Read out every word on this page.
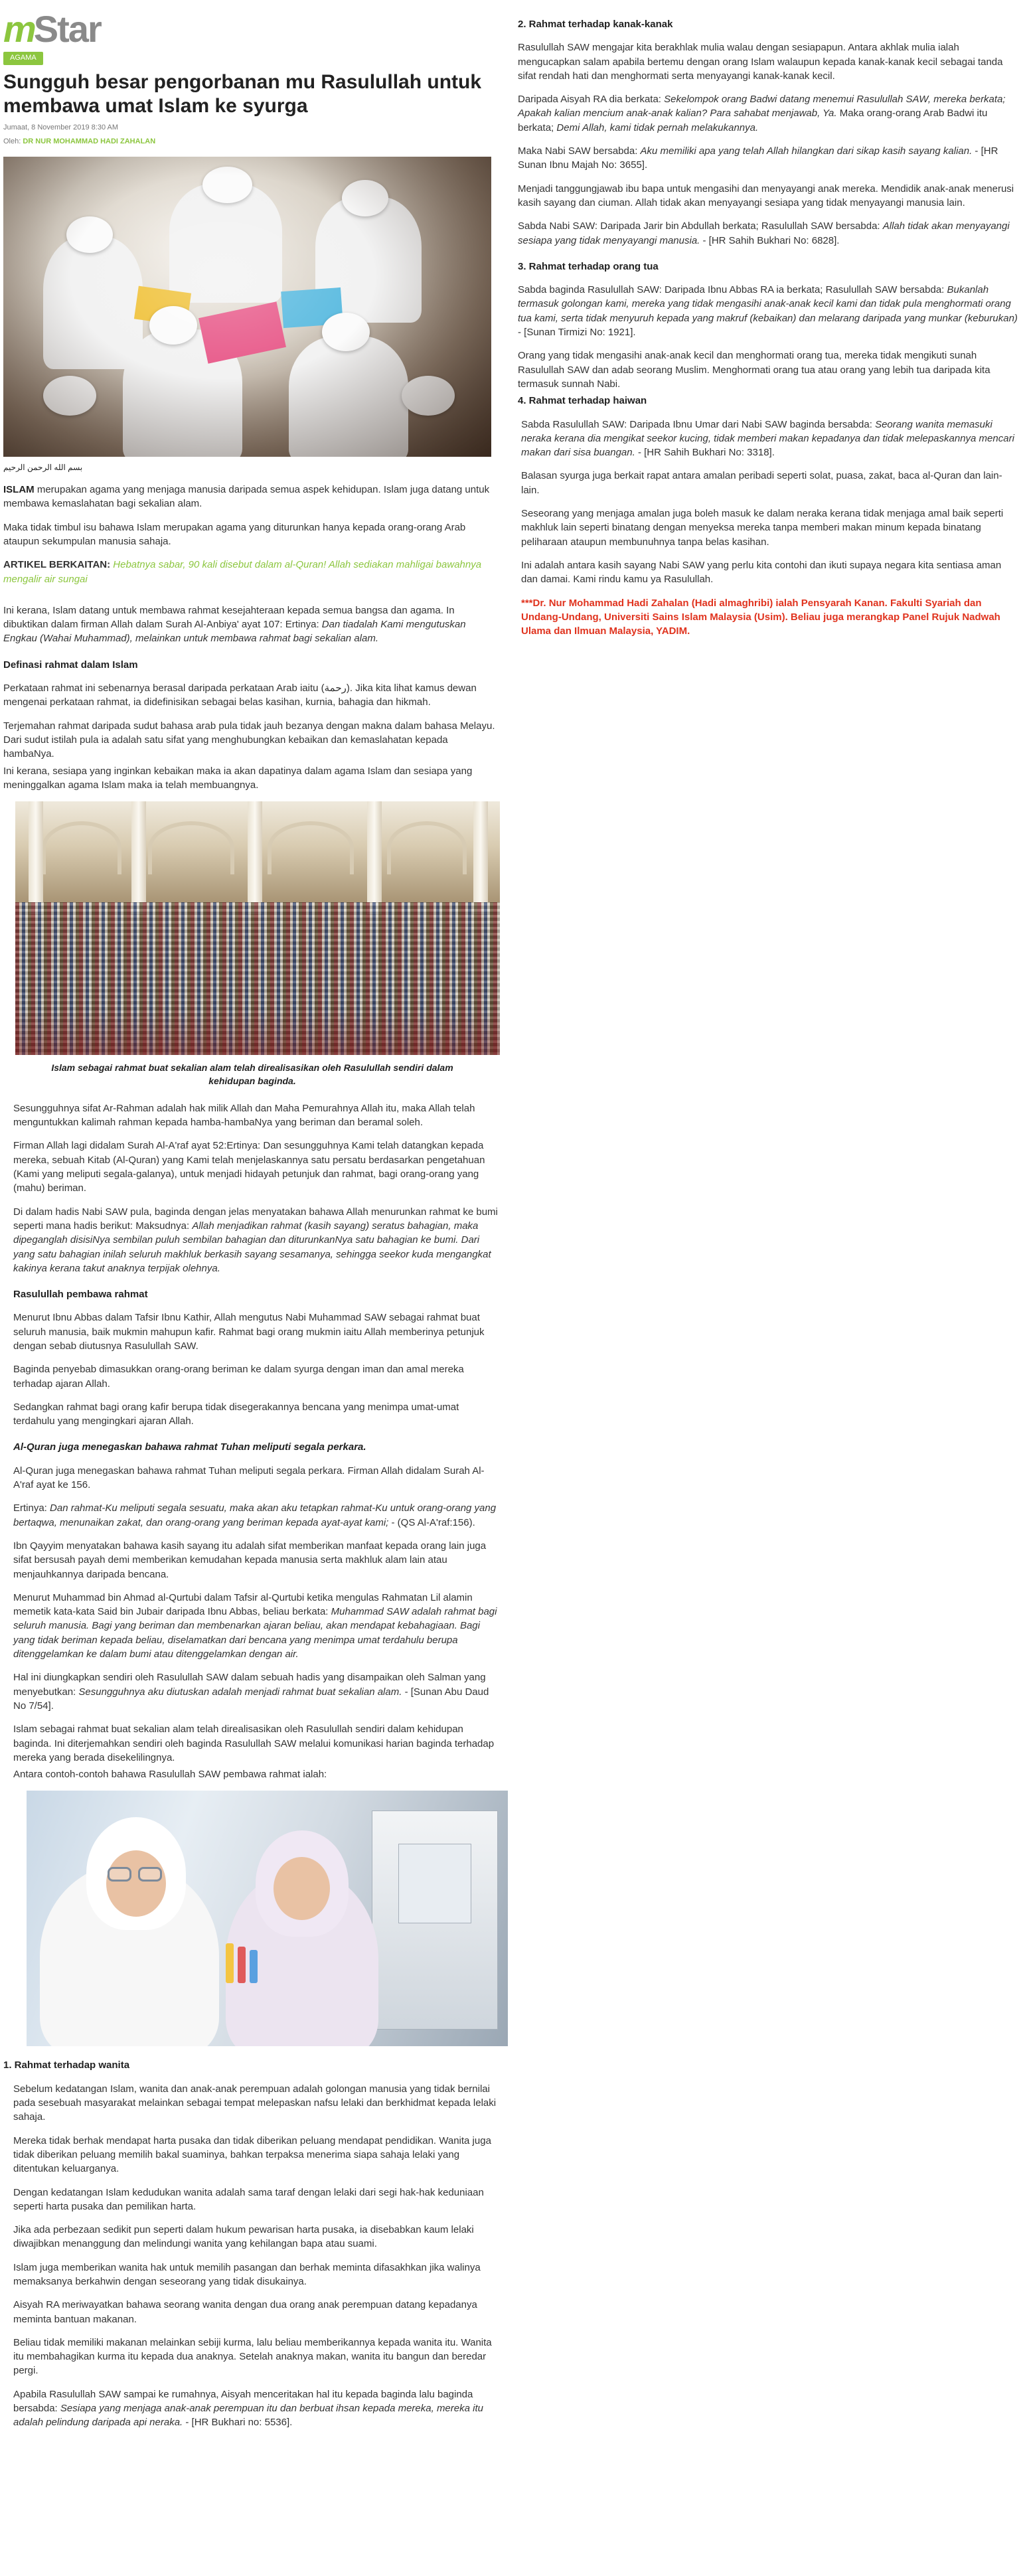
m Star
AGAMA
Sungguh besar pengorbanan mu Rasulullah untuk membawa umat Islam ke syurga
Jumaat, 8 November 2019 8:30 AM
Oleh: DR NUR MOHAMMAD HADI ZAHALAN
بسم الله الرحمن الرحيم

ISLAM merupakan agama yang menjaga manusia daripada semua aspek kehidupan. Islam juga datang untuk membawa kemaslahatan bagi sekalian alam.

Maka tidak timbul isu bahawa Islam merupakan agama yang diturunkan hanya kepada orang-orang Arab ataupun sekumpulan manusia sahaja.

ARTIKEL BERKAITAN: Hebatnya sabar, 90 kali disebut dalam al-Quran! Allah sediakan mahligai bawahnya mengalir air sungai

Ini kerana, Islam datang untuk membawa rahmat kesejahteraan kepada semua bangsa dan agama. In dibuktikan dalam firman Allah dalam Surah Al-Anbiya' ayat 107: Ertinya: Dan tiadalah Kami mengutuskan Engkau (Wahai Muhammad), melainkan untuk membawa rahmat bagi sekalian alam.

Definasi rahmat dalam Islam

Perkataan rahmat ini sebenarnya berasal daripada perkataan Arab iaitu (رحمة). Jika kita lihat kamus dewan mengenai perkataan rahmat, ia didefinisikan sebagai belas kasihan, kurnia, bahagia dan hikmah.

Terjemahan rahmat daripada sudut bahasa arab pula tidak jauh bezanya dengan makna dalam bahasa Melayu. Dari sudut istilah pula ia adalah satu sifat yang menghubungkan kebaikan dan kemaslahatan kepada hambaNya.

Ini kerana, sesiapa yang inginkan kebaikan maka ia akan dapatinya dalam agama Islam dan sesiapa yang meninggalkan agama Islam maka ia telah membuangnya.

Islam sebagai rahmat buat sekalian alam telah direalisasikan oleh Rasulullah sendiri dalam kehidupan baginda.

Sesungguhnya sifat Ar-Rahman adalah hak milik Allah dan Maha Pemurahnya Allah itu, maka Allah telah menguntukkan kalimah rahman kepada hamba-hambaNya yang beriman dan beramal soleh.

Firman Allah lagi didalam Surah Al-A'raf ayat 52:Ertinya: Dan sesungguhnya Kami telah datangkan kepada mereka, sebuah Kitab (Al-Quran) yang Kami telah menjelaskannya satu persatu berdasarkan pengetahuan (Kami yang meliputi segala-galanya), untuk menjadi hidayah petunjuk dan rahmat, bagi orang-orang yang (mahu) beriman.

Di dalam hadis Nabi SAW pula, baginda dengan jelas menyatakan bahawa Allah menurunkan rahmat ke bumi seperti mana hadis berikut: Maksudnya: Allah menjadikan rahmat (kasih sayang) seratus bahagian, maka dipeganglah disisiNya sembilan puluh sembilan bahagian dan diturunkanNya satu bahagian ke bumi. Dari yang satu bahagian inilah seluruh makhluk berkasih sayang sesamanya, sehingga seekor kuda mengangkat kakinya kerana takut anaknya terpijak olehnya.

Rasulullah pembawa rahmat

Menurut Ibnu Abbas dalam Tafsir Ibnu Kathir, Allah mengutus Nabi Muhammad SAW sebagai rahmat buat seluruh manusia, baik mukmin mahupun kafir. Rahmat bagi orang mukmin iaitu Allah memberinya petunjuk dengan sebab diutusnya Rasulullah SAW.

Baginda penyebab dimasukkan orang-orang beriman ke dalam syurga dengan iman dan amal mereka terhadap ajaran Allah.

Sedangkan rahmat bagi orang kafir berupa tidak disegerakannya bencana yang menimpa umat-umat terdahulu yang mengingkari ajaran Allah.

Al-Quran juga menegaskan bahawa rahmat Tuhan meliputi segala perkara.

Al-Quran juga menegaskan bahawa rahmat Tuhan meliputi segala perkara. Firman Allah didalam Surah Al-A'raf ayat ke 156.

Ertinya: Dan rahmat-Ku meliputi segala sesuatu, maka akan aku tetapkan rahmat-Ku untuk orang-orang yang bertaqwa, menunaikan zakat, dan orang-orang yang beriman kepada ayat-ayat kami; - (QS Al-A'raf:156).

Ibn Qayyim menyatakan bahawa kasih sayang itu adalah sifat memberikan manfaat kepada orang lain juga sifat bersusah payah demi memberikan kemudahan kepada manusia serta makhluk alam lain atau menjauhkannya daripada bencana.

Menurut Muhammad bin Ahmad al-Qurtubi dalam Tafsir al-Qurtubi ketika mengulas Rahmatan Lil alamin memetik kata-kata Said bin Jubair daripada Ibnu Abbas, beliau berkata: Muhammad SAW adalah rahmat bagi seluruh manusia. Bagi yang beriman dan membenarkan ajaran beliau, akan mendapat kebahagiaan. Bagi yang tidak beriman kepada beliau, diselamatkan dari bencana yang menimpa umat terdahulu berupa ditenggelamkan ke dalam bumi atau ditenggelamkan dengan air.

Hal ini diungkapkan sendiri oleh Rasulullah SAW dalam sebuah hadis yang disampaikan oleh Salman yang menyebutkan: Sesungguhnya aku diutuskan adalah menjadi rahmat buat sekalian alam. - [Sunan Abu Daud No 7/54].

Islam sebagai rahmat buat sekalian alam telah direalisasikan oleh Rasulullah sendiri dalam kehidupan baginda. Ini diterjemahkan sendiri oleh baginda Rasulullah SAW melalui komunikasi harian baginda terhadap mereka yang berada disekelilingnya.

Antara contoh-contoh bahawa Rasulullah SAW pembawa rahmat ialah:

1. Rahmat terhadap wanita

Sebelum kedatangan Islam, wanita dan anak-anak perempuan adalah golongan manusia yang tidak bernilai pada sesebuah masyarakat melainkan sebagai tempat melepaskan nafsu lelaki dan berkhidmat kepada lelaki sahaja.

Mereka tidak berhak mendapat harta pusaka dan tidak diberikan peluang mendapat pendidikan. Wanita juga tidak diberikan peluang memilih bakal suaminya, bahkan terpaksa menerima siapa sahaja lelaki yang ditentukan keluarganya.

Dengan kedatangan Islam kedudukan wanita adalah sama taraf dengan lelaki dari segi hak-hak keduniaan seperti harta pusaka dan pemilikan harta.

Jika ada perbezaan sedikit pun seperti dalam hukum pewarisan harta pusaka, ia disebabkan kaum lelaki diwajibkan menanggung dan melindungi wanita yang kehilangan bapa atau suami.

Islam juga memberikan wanita hak untuk memilih pasangan dan berhak meminta difasakhkan jika walinya memaksanya berkahwin dengan seseorang yang tidak disukainya.

Aisyah RA meriwayatkan bahawa seorang wanita dengan dua orang anak perempuan datang kepadanya meminta bantuan makanan.

Beliau tidak memiliki makanan melainkan sebiji kurma, lalu beliau memberikannya kepada wanita itu. Wanita itu membahagikan kurma itu kepada dua anaknya. Setelah anaknya makan, wanita itu bangun dan beredar pergi.

Apabila Rasulullah SAW sampai ke rumahnya, Aisyah menceritakan hal itu kepada baginda lalu baginda bersabda: Sesiapa yang menjaga anak-anak perempuan itu dan berbuat ihsan kepada mereka, mereka itu adalah pelindung daripada api neraka. - [HR Bukhari no: 5536].

2. Rahmat terhadap kanak-kanak

Rasulullah SAW mengajar kita berakhlak mulia walau dengan sesiapapun. Antara akhlak mulia ialah mengucapkan salam apabila bertemu dengan orang Islam walaupun kepada kanak-kanak kecil sebagai tanda sifat rendah hati dan menghormati serta menyayangi kanak-kanak kecil.

Daripada Aisyah RA dia berkata: Sekelompok orang Badwi datang menemui Rasulullah SAW, mereka berkata; Apakah kalian mencium anak-anak kalian? Para sahabat menjawab, Ya. Maka orang-orang Arab Badwi itu berkata; Demi Allah, kami tidak pernah melakukannya.

Maka Nabi SAW bersabda: Aku memiliki apa yang telah Allah hilangkan dari sikap kasih sayang kalian. - [HR Sunan Ibnu Majah No: 3655].

Menjadi tanggungjawab ibu bapa untuk mengasihi dan menyayangi anak mereka. Mendidik anak-anak menerusi kasih sayang dan ciuman. Allah tidak akan menyayangi sesiapa yang tidak menyayangi manusia lain.

Sabda Nabi SAW: Daripada Jarir bin Abdullah berkata; Rasulullah SAW bersabda: Allah tidak akan menyayangi sesiapa yang tidak menyayangi manusia. - [HR Sahih Bukhari No: 6828].

3. Rahmat terhadap orang tua

Sabda baginda Rasulullah SAW: Daripada Ibnu Abbas RA ia berkata; Rasulullah SAW bersabda: Bukanlah termasuk golongan kami, mereka yang tidak mengasihi anak-anak kecil kami dan tidak pula menghormati orang tua kami, serta tidak menyuruh kepada yang makruf (kebaikan) dan melarang daripada yang munkar (keburukan) - [Sunan Tirmizi No: 1921].

Orang yang tidak mengasihi anak-anak kecil dan menghormati orang tua, mereka tidak mengikuti sunah Rasulullah SAW dan adab seorang Muslim. Menghormati orang tua atau orang yang lebih tua daripada kita termasuk sunnah Nabi.

4. Rahmat terhadap haiwan

Sabda Rasulullah SAW: Daripada Ibnu Umar dari Nabi SAW baginda bersabda: Seorang wanita memasuki neraka kerana dia mengikat seekor kucing, tidak memberi makan kepadanya dan tidak melepaskannya mencari makan dari sisa buangan. - [HR Sahih Bukhari No: 3318].

Balasan syurga juga berkait rapat antara amalan peribadi seperti solat, puasa, zakat, baca al-Quran dan lain-lain.

Seseorang yang menjaga amalan juga boleh masuk ke dalam neraka kerana tidak menjaga amal baik seperti makhluk lain seperti binatang dengan menyeksa mereka tanpa memberi makan minum kepada binatang peliharaan ataupun membunuhnya tanpa belas kasihan.

Ini adalah antara kasih sayang Nabi SAW yang perlu kita contohi dan ikuti supaya negara kita sentiasa aman dan damai. Kami rindu kamu ya Rasulullah.

***Dr. Nur Mohammad Hadi Zahalan (Hadi almaghribi) ialah Pensyarah Kanan. Fakulti Syariah dan Undang-Undang, Universiti Sains Islam Malaysia (Usim). Beliau juga merangkap Panel Rujuk Nadwah Ulama dan Ilmuan Malaysia, YADIM.
